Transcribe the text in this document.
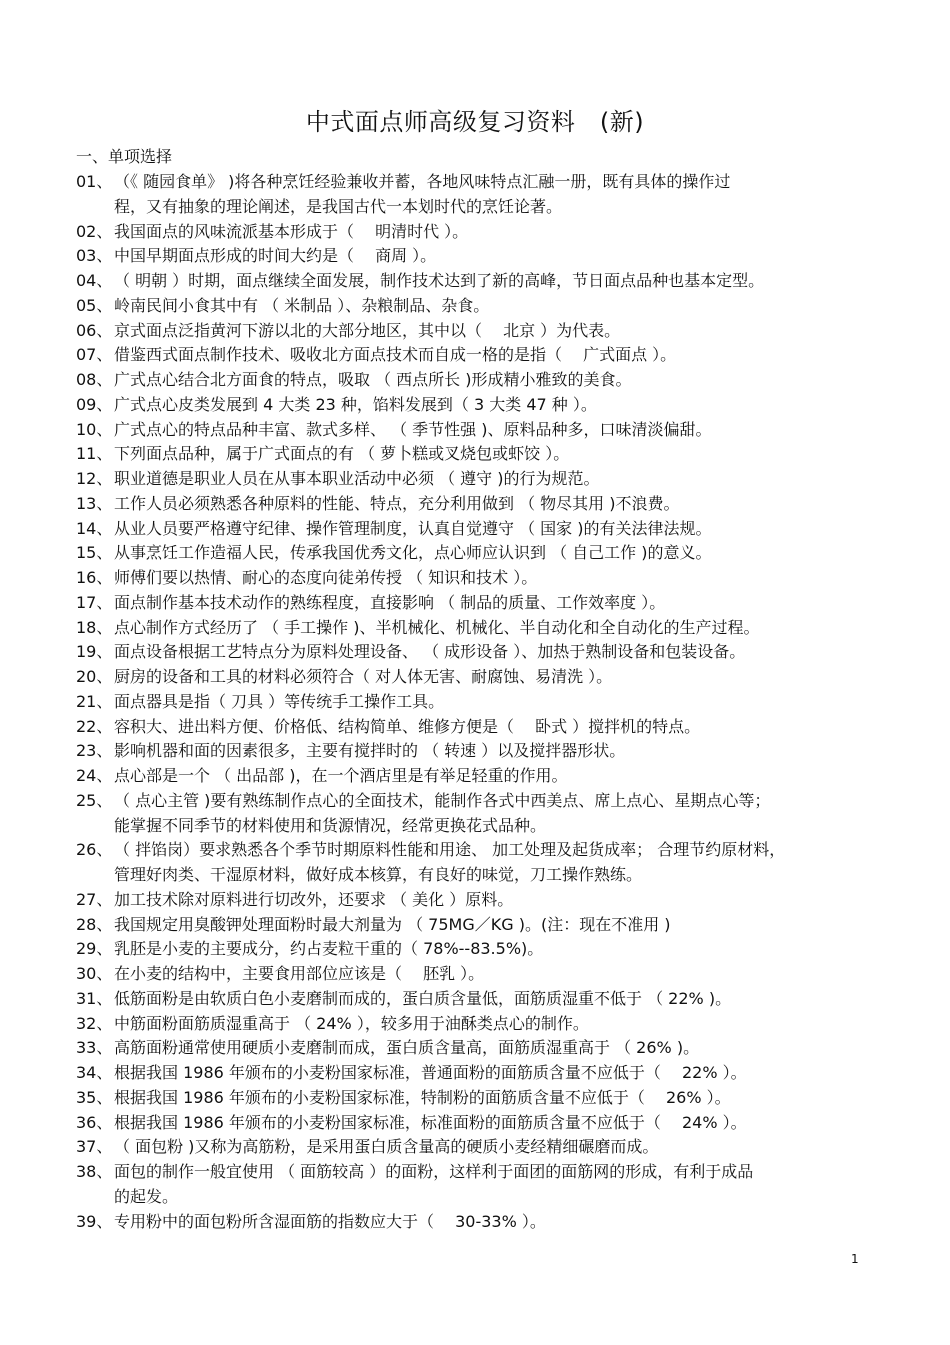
中式面点师高级复习资料　(新)
一、单项选择
01、 （《 随园食单》 )将各种烹饪经验兼收并蓄，各地风味特点汇融一册，既有具体的操作过
程，又有抽象的理论阐述，是我国古代一本划时代的烹饪论著。
02、 我国面点的风味流派基本形成于（　 明清时代 ）。
03、 中国早期面点形成的时间大约是（　 商周 ）。
04、 （ 明朝 ）时期，面点继续全面发展，制作技术达到了新的高峰，节日面点品种也基本定型。
05、 岭南民间小食其中有 （ 米制品 ）、杂粮制品、杂食。
06、 京式面点泛指黄河下游以北的大部分地区，其中以（　 北京 ）为代表。
07、 借鉴西式面点制作技术、吸收北方面点技术而自成一格的是指（　 广式面点 ）。
08、 广式点心结合北方面食的特点，吸取 （ 西点所长 )形成精小雅致的美食。
09、 广式点心皮类发展到 4 大类 23 种，馅料发展到（ 3 大类 47 种 ）。
10、 广式点心的特点品种丰富、款式多样、 （ 季节性强 )、原料品种多，口味清淡偏甜。
11、 下列面点品种，属于广式面点的有 （ 萝卜糕或叉烧包或虾饺 ）。
12、 职业道德是职业人员在从事本职业活动中必须 （ 遵守 )的行为规范。
13、 工作人员必须熟悉各种原料的性能、特点，充分利用做到 （ 物尽其用 )不浪费。
14、 从业人员要严格遵守纪律、操作管理制度，认真自觉遵守 （ 国家 )的有关法律法规。
15、 从事烹饪工作造福人民，传承我国优秀文化，点心师应认识到 （ 自己工作 )的意义。
16、 师傅们要以热情、耐心的态度向徒弟传授 （ 知识和技术 ）。
17、 面点制作基本技术动作的熟练程度，直接影响 （ 制品的质量、工作效率度 ）。
18、 点心制作方式经历了 （ 手工操作 )、半机械化、机械化、半自动化和全自动化的生产过程。
19、 面点设备根据工艺特点分为原料处理设备、 （ 成形设备 ）、加热于熟制设备和包装设备。
20、 厨房的设备和工具的材料必须符合（ 对人体无害、耐腐蚀、易清洗 ）。
21、 面点器具是指（ 刀具 ）等传统手工操作工具。
22、 容积大、进出料方便、价格低、结构简单、维修方便是（　 卧式 ）搅拌机的特点。
23、 影响机器和面的因素很多，主要有搅拌时的 （ 转速 ）以及搅拌器形状。
24、 点心部是一个 （ 出品部 )，在一个酒店里是有举足轻重的作用。
25、 （ 点心主管 )要有熟练制作点心的全面技术，能制作各式中西美点、席上点心、星期点心等；
能掌握不同季节的材料使用和货源情况，经常更换花式品种。
26、 （ 拌馅岗）要求熟悉各个季节时期原料性能和用途、 加工处理及起货成率； 合理节约原材料，
管理好肉类、干湿原材料，做好成本核算，有良好的味觉，刀工操作熟练。
27、 加工技术除对原料进行切改外，还要求 （ 美化 ）原料。
28、 我国规定用臭酸钾处理面粉时最大剂量为 （ 75MG／KG )。(注：现在不准用 )
29、 乳胚是小麦的主要成分，约占麦粒干重的（ 78%--83.5%)。
30、 在小麦的结构中，主要食用部位应该是（　 胚乳 ）。
31、 低筋面粉是由软质白色小麦磨制而成的，蛋白质含量低，面筋质湿重不低于 （ 22% )。
32、 中筋面粉面筋质湿重高于 （ 24% ），较多用于油酥类点心的制作。
33、 高筋面粉通常使用硬质小麦磨制而成，蛋白质含量高，面筋质湿重高于 （ 26% )。
34、 根据我国 1986 年颁布的小麦粉国家标准，普通面粉的面筋质含量不应低于（　 22% ）。
35、 根据我国 1986 年颁布的小麦粉国家标准，特制粉的面筋质含量不应低于（　 26% ）。
36、 根据我国 1986 年颁布的小麦粉国家标准，标准面粉的面筋质含量不应低于（　 24% ）。
37、 （ 面包粉 )又称为高筋粉，是采用蛋白质含量高的硬质小麦经精细碾磨而成。
38、 面包的制作一般宜使用 （ 面筋较高 ）的面粉，这样利于面团的面筋网的形成，有利于成品
的起发。
39、 专用粉中的面包粉所含湿面筋的指数应大于（　 30-33% ）。
1
